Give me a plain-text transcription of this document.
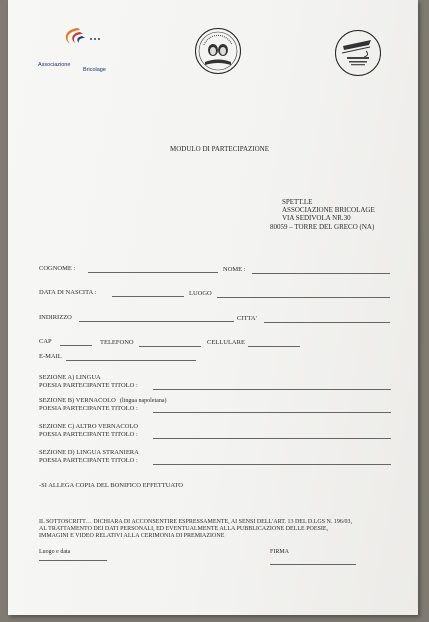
Associazione
Bricolage
MODULO DI PARTECIPAZIONE
SPETT.LE
ASSOCIAZIONE BRICOLAGE
VIA SEDIVOLA NR.30
80059 – TORRE DEL GRECO (NA)
COGNOME :	NOME :
DATA DI NASCITA :	LUOGO
INDIRIZZO	CITTA'
CAP	TELEFONO	CELLULARE
E-MAIL
SEZIONE A) LINGUA
POESIA PARTECIPANTE TITOLO :
SEZIONE B) VERNACOLO (lingua napoletana)
POESIA PARTECIPANTE TITOLO :
SEZIONE C) ALTRO VERNACOLO
POESIA PARTECIPANTE TITOLO :
SEZIONE D) LINGUA STRANIERA
POESIA PARTECIPANTE TITOLO :
-SI ALLEGA COPIA DEL BONIFICO EFFETTUATO
IL SOTTOSCRITT… DICHIARA DI ACCONSENTIRE ESPRESSAMENTE, AI SENSI DELL'ART. 13 DEL D.LGS N. 196/03,
AL TRATTAMENTO DEI DATI PERSONALI, ED EVENTUALMENTE ALLA PUBBLICAZIONE DELLE POESIE,
IMMAGINI E VIDEO RELATIVI ALLA CERIMONIA DI PREMIAZIONE
Luogo e data	FIRMA
